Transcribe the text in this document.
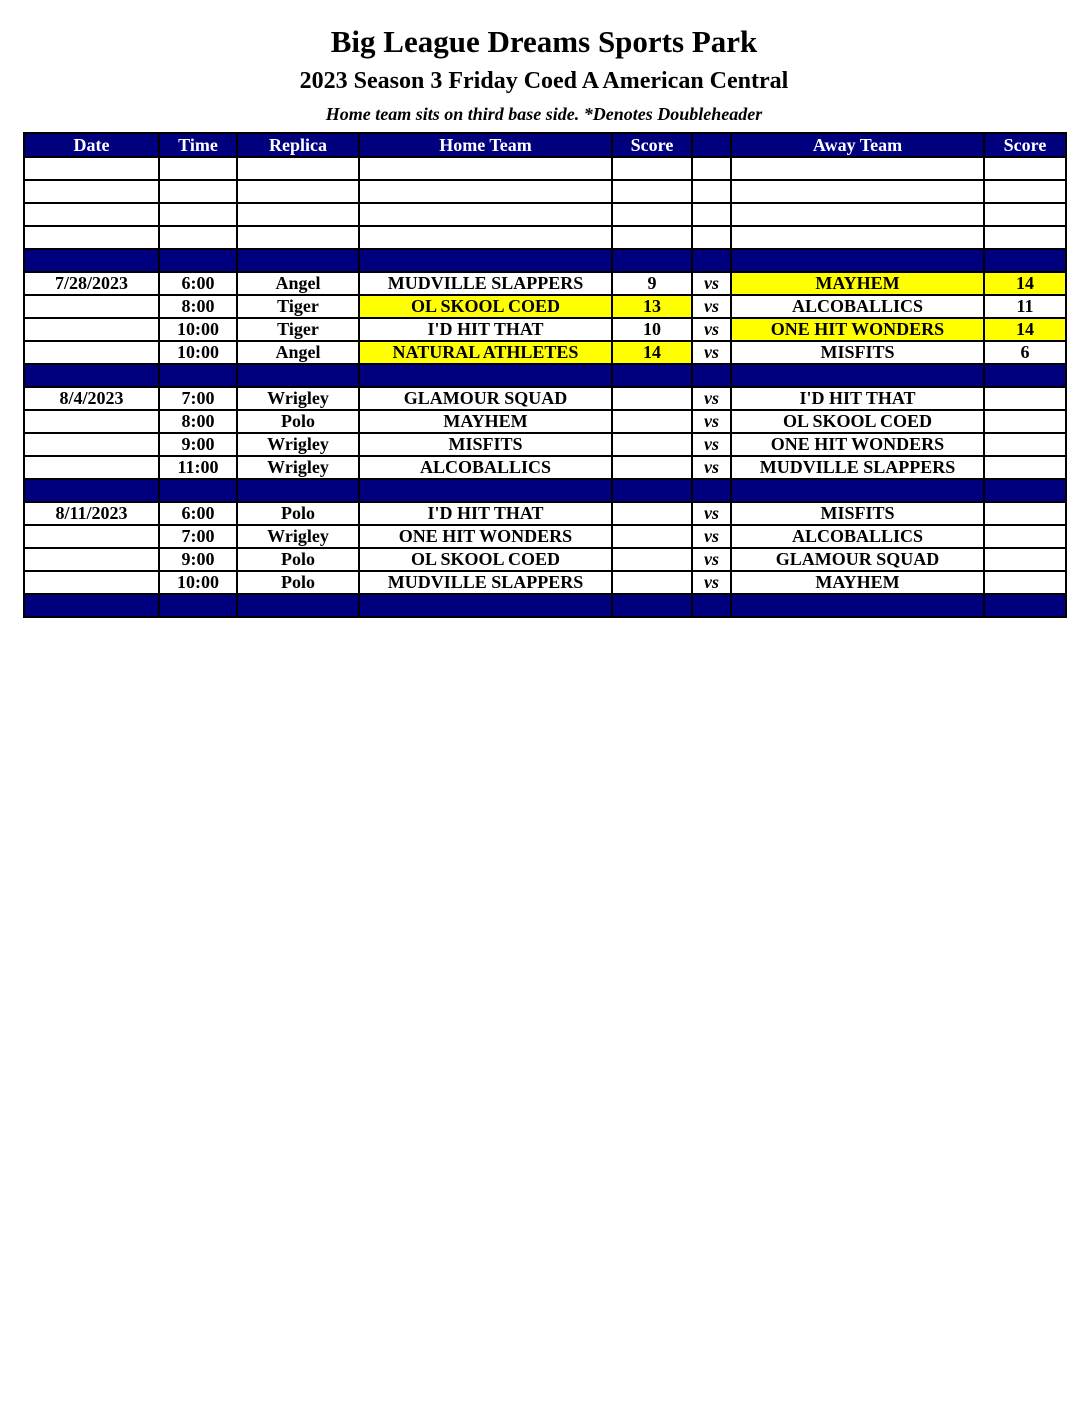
Big League Dreams Sports Park
2023 Season 3 Friday Coed A American Central
Home team sits on third base side. *Denotes Doubleheader
Date	Time	Replica	Home Team	Score		Away Team	Score

7/28/2023	6:00	Angel	MUDVILLE SLAPPERS	9	vs	MAYHEM	14
	8:00	Tiger	OL SKOOL COED	13	vs	ALCOBALLICS	11
	10:00	Tiger	I'D HIT THAT	10	vs	ONE HIT WONDERS	14
	10:00	Angel	NATURAL ATHLETES	14	vs	MISFITS	6

8/4/2023	7:00	Wrigley	GLAMOUR SQUAD		vs	I'D HIT THAT	
	8:00	Polo	MAYHEM		vs	OL SKOOL COED	
	9:00	Wrigley	MISFITS		vs	ONE HIT WONDERS	
	11:00	Wrigley	ALCOBALLICS		vs	MUDVILLE SLAPPERS	

8/11/2023	6:00	Polo	I'D HIT THAT		vs	MISFITS	
	7:00	Wrigley	ONE HIT WONDERS		vs	ALCOBALLICS	
	9:00	Polo	OL SKOOL COED		vs	GLAMOUR SQUAD	
	10:00	Polo	MUDVILLE SLAPPERS		vs	MAYHEM	
